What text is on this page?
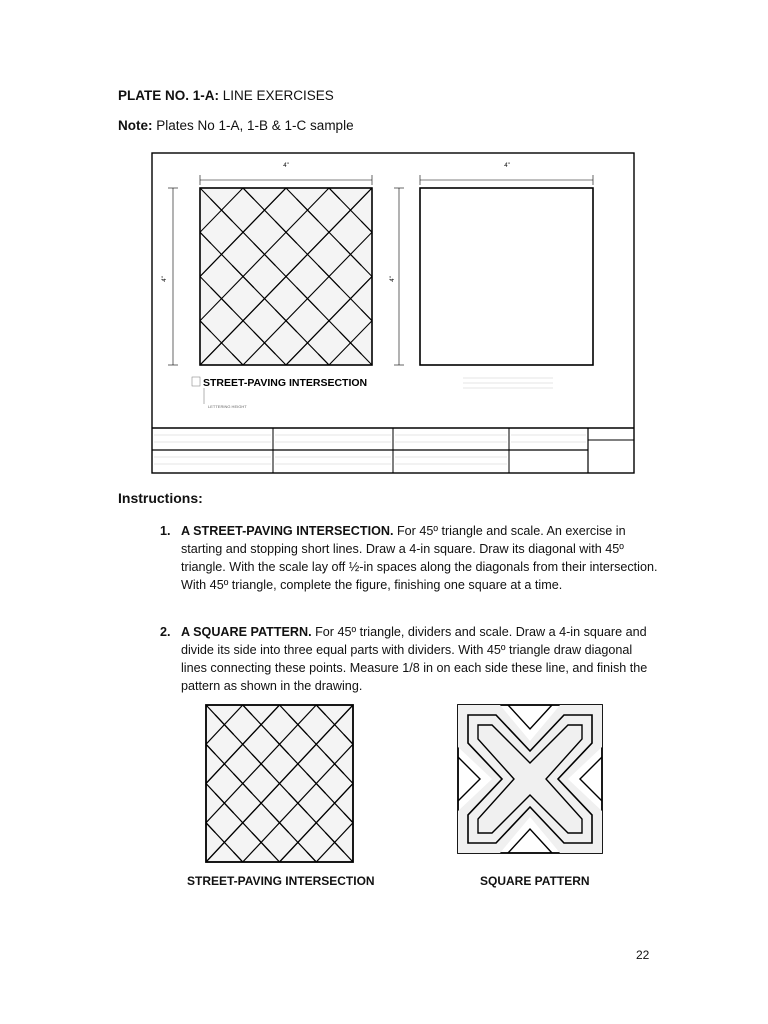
PLATE NO. 1-A: LINE EXERCISES
Note: Plates No 1-A, 1-B & 1-C sample
4"	4"
4"	4"
STREET-PAVING INTERSECTION
LETTERING HEIGHT
Instructions:
1. A STREET-PAVING INTERSECTION. For 45º triangle and scale. An exercise in starting and stopping short lines. Draw a 4-in square. Draw its diagonal with 45º triangle. With the scale lay off ½-in spaces along the diagonals from their intersection. With 45º triangle, complete the figure, finishing one square at a time.
2. A SQUARE PATTERN. For 45º triangle, dividers and scale. Draw a 4-in square and divide its side into three equal parts with dividers. With 45º triangle draw diagonal lines connecting these points. Measure 1/8 in on each side these line, and finish the pattern as shown in the drawing.
STREET-PAVING INTERSECTION	SQUARE PATTERN
22
